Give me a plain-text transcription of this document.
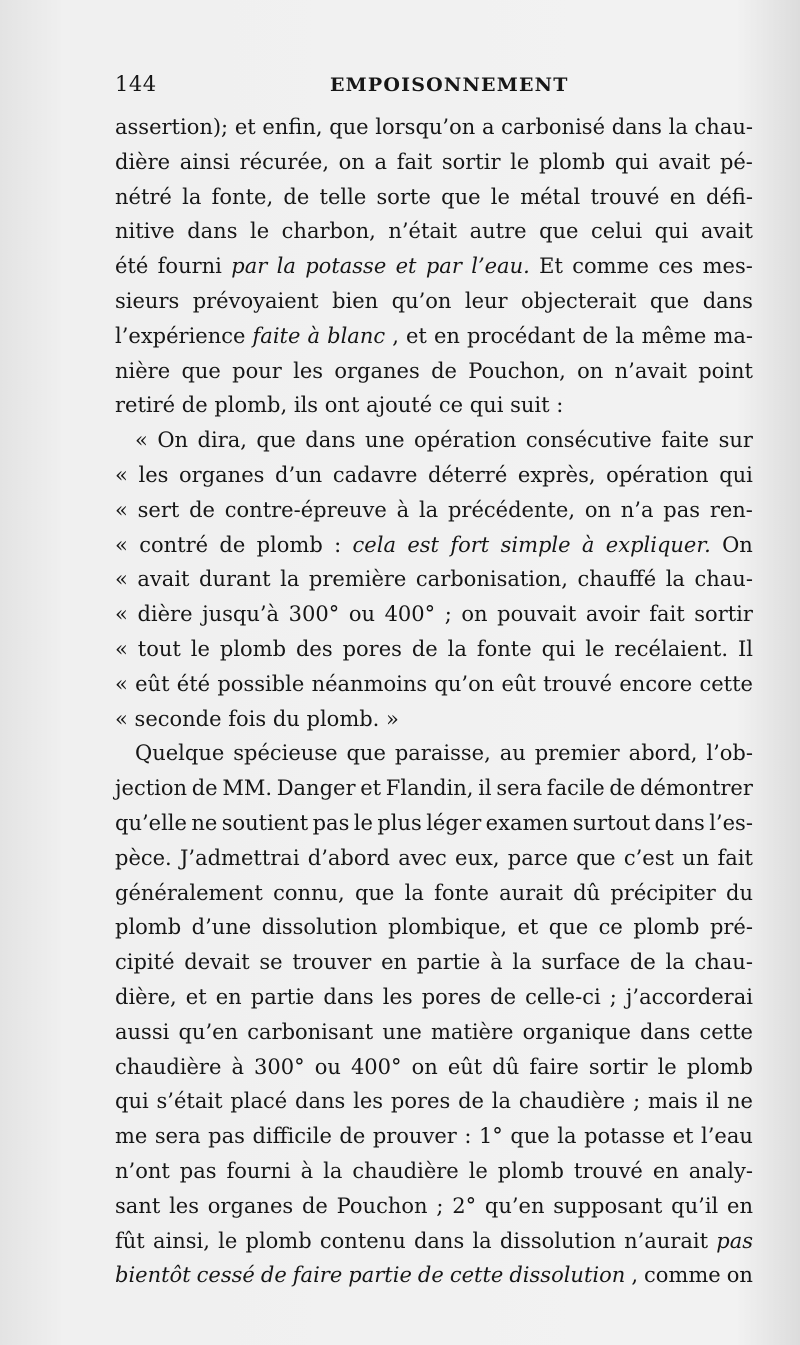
144	EMPOISONNEMENT
assertion); et enfin, que lorsqu’on a carbonisé dans la chau-
dière ainsi récurée, on a fait sortir le plomb qui avait pé-
nétré la fonte, de telle sorte que le métal trouvé en défi-
nitive dans le charbon, n’était autre que celui qui avait
été fourni par la potasse et par l’eau. Et comme ces mes-
sieurs prévoyaient bien qu’on leur objecterait que dans
l’expérience faite à blanc , et en procédant de la même ma-
nière que pour les organes de Pouchon, on n’avait point
retiré
de
plomb,
ils
ont
ajouté
ce
qui
suit
:
« On dira, que dans une opération consécutive faite sur
« les organes d’un cadavre déterré exprès, opération qui
« sert de contre-épreuve à la précédente, on n’a pas ren-
« contré de plomb : cela est fort simple à expliquer. On
« avait durant la première carbonisation, chauffé la chau-
« dière jusqu’à 300° ou 400° ; on pouvait avoir fait sortir
« tout le plomb des pores de la fonte qui le recélaient. Il
« eût été possible néanmoins qu’on eût trouvé encore cette
«
seconde
fois
du
plomb.
»
Quelque spécieuse que paraisse, au premier abord, l’ob-
jection de MM. Danger et Flandin, il sera facile de démontrer
qu’elle ne soutient pas le plus léger examen surtout dans l’es-
pèce. J’admettrai d’abord avec eux, parce que c’est un fait
généralement connu, que la fonte aurait dû précipiter du
plomb d’une dissolution plombique, et que ce plomb pré-
cipité devait se trouver en partie à la surface de la chau-
dière, et en partie dans les pores de celle-ci ; j’accorderai
aussi qu’en carbonisant une matière organique dans cette
chaudière à 300° ou 400° on eût dû faire sortir le plomb
qui s’était placé dans les pores de la chaudière ; mais il ne
me sera pas difficile de prouver : 1° que la potasse et l’eau
n’ont pas fourni à la chaudière le plomb trouvé en analy-
sant les organes de Pouchon ; 2° qu’en supposant qu’il en
fût ainsi, le plomb contenu dans la dissolution n’aurait pas
bientôt cessé de faire partie de cette dissolution , comme on
